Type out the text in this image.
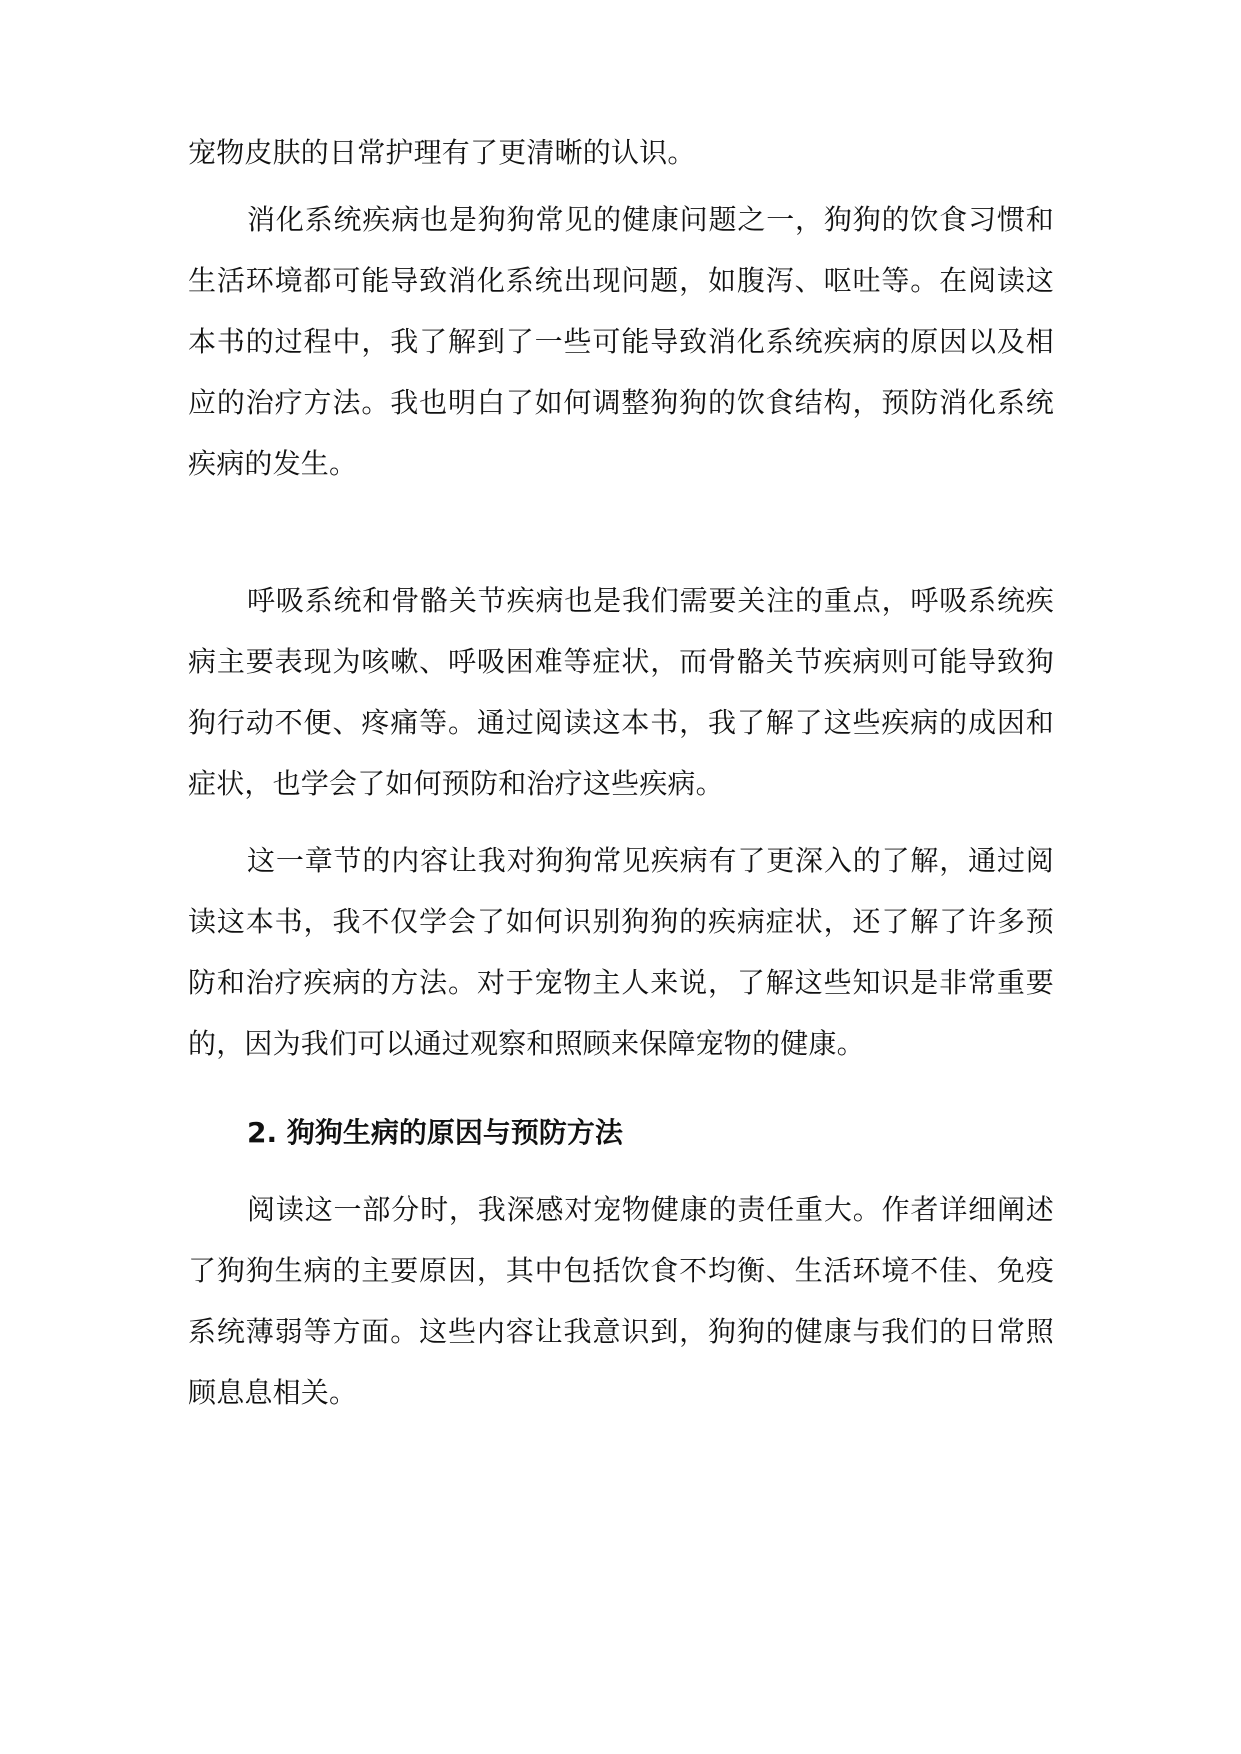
宠物皮肤的日常护理有了更清晰的认识。

消化系统疾病也是狗狗常见的健康问题之一，狗狗的饮食习惯和生活环境都可能导致消化系统出现问题，如腹泻、呕吐等。在阅读这本书的过程中，我了解到了一些可能导致消化系统疾病的原因以及相应的治疗方法。我也明白了如何调整狗狗的饮食结构，预防消化系统疾病的发生。

呼吸系统和骨骼关节疾病也是我们需要关注的重点，呼吸系统疾病主要表现为咳嗽、呼吸困难等症状，而骨骼关节疾病则可能导致狗狗行动不便、疼痛等。通过阅读这本书，我了解了这些疾病的成因和症状，也学会了如何预防和治疗这些疾病。

这一章节的内容让我对狗狗常见疾病有了更深入的了解，通过阅读这本书，我不仅学会了如何识别狗狗的疾病症状，还了解了许多预防和治疗疾病的方法。对于宠物主人来说，了解这些知识是非常重要的，因为我们可以通过观察和照顾来保障宠物的健康。

2. 狗狗生病的原因与预防方法

阅读这一部分时，我深感对宠物健康的责任重大。作者详细阐述了狗狗生病的主要原因，其中包括饮食不均衡、生活环境不佳、免疫系统薄弱等方面。这些内容让我意识到，狗狗的健康与我们的日常照顾息息相关。
